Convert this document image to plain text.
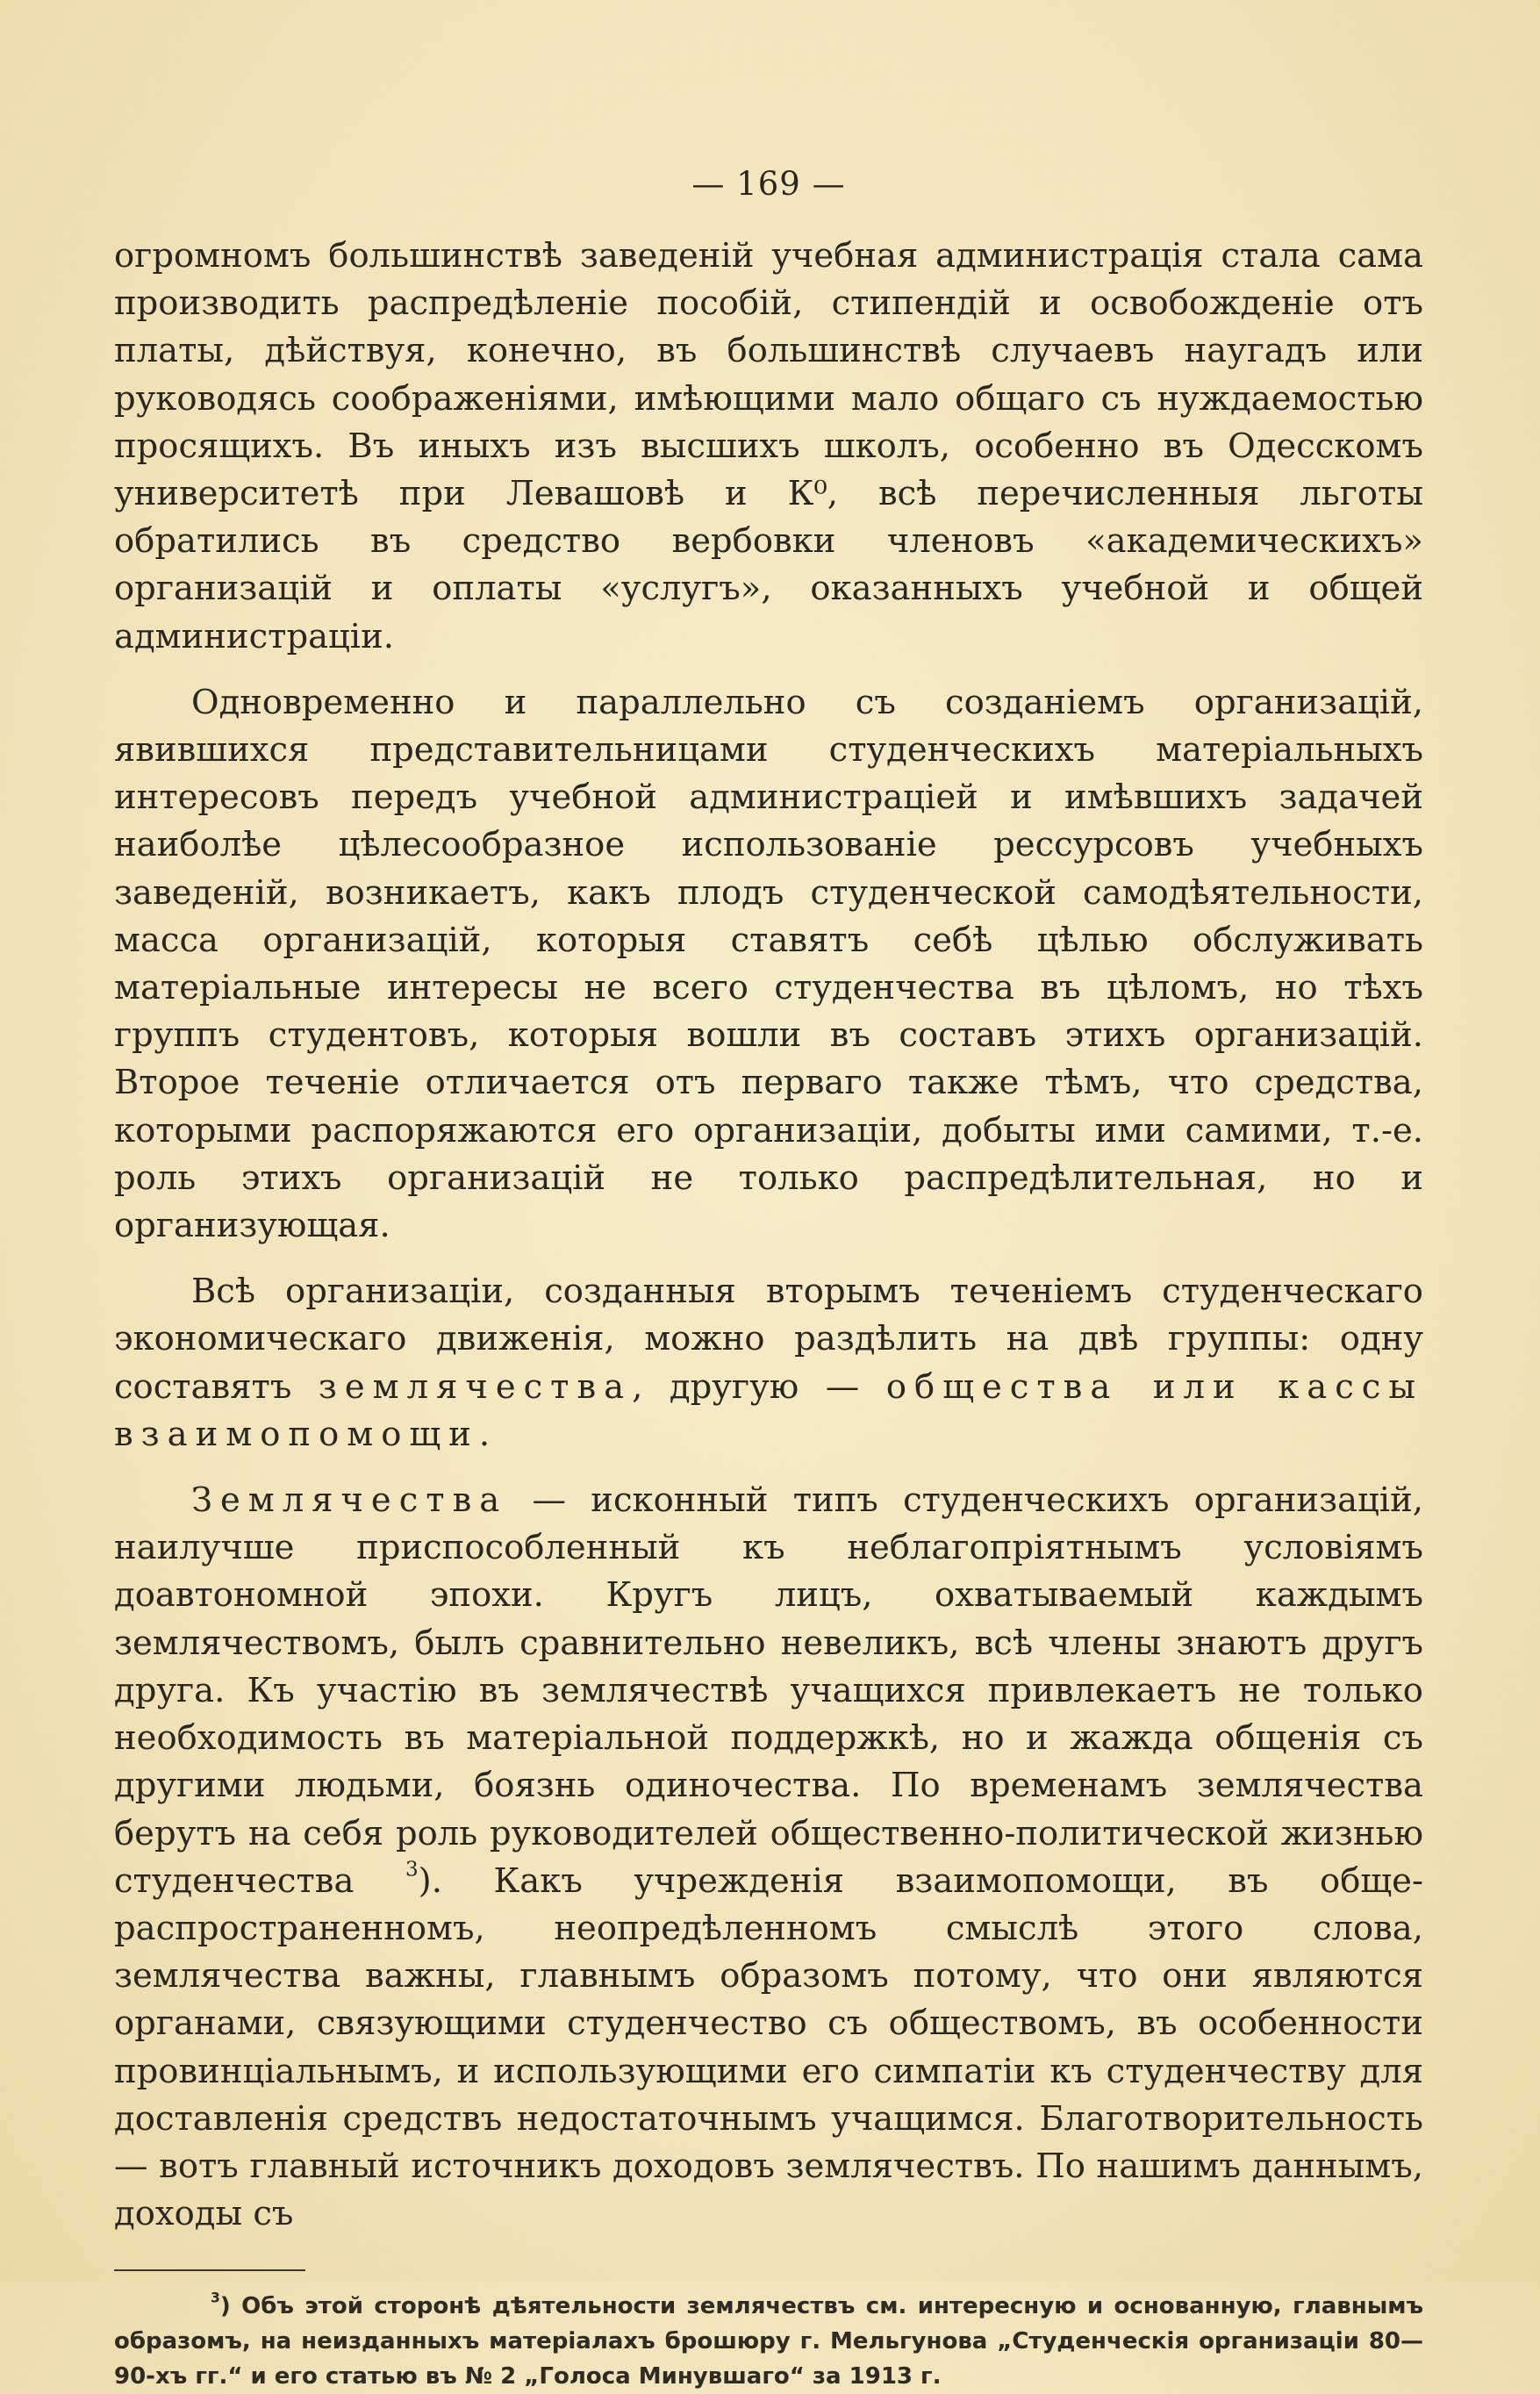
— 169 —

огромномъ большинствѣ заведеній учебная администрація стала сама производить распредѣленіе пособій, стипендій и освобожденіе отъ платы, дѣйствуя, конечно, въ большинствѣ случаевъ наугадъ или руководясь соображеніями, имѣющими мало общаго съ нуждаемостью просящихъ. Въ иныхъ изъ высшихъ школъ, особенно въ Одесскомъ университетѣ при Левашовѣ и К⁰, всѣ перечисленныя льготы обратились въ средство вербовки членовъ «академическихъ» организацій и оплаты «услугъ», оказанныхъ учебной и общей администраціи.

Одновременно и параллельно съ созданіемъ организацій, явившихся представительницами студенческихъ матеріальныхъ интересовъ передъ учебной администраціей и имѣвшихъ задачей наиболѣе цѣлесообразное использованіе рессурсовъ учебныхъ заведеній, возникаетъ, какъ плодъ студенческой самодѣятельности, масса организацій, которыя ставятъ себѣ цѣлью обслуживать матеріальные интересы не всего студенчества въ цѣломъ, но тѣхъ группъ студентовъ, которыя вошли въ составъ этихъ организацій. Второе теченіе отличается отъ перваго также тѣмъ, что средства, которыми распоряжаются его организаціи, добыты ими самими, т.-е. роль этихъ организацій не только распредѣлительная, но и организующая.

Всѣ организаціи, созданныя вторымъ теченіемъ студенческаго экономическаго движенія, можно раздѣлить на двѣ группы: одну составятъ землячества, другую — общества или кассы взаимопомощи.

Землячества — исконный типъ студенческихъ организацій, наилучше приспособленный къ неблагопріятнымъ условіямъ доавтономной эпохи. Кругъ лицъ, охватываемый каждымъ землячествомъ, былъ сравнительно невеликъ, всѣ члены знаютъ другъ друга. Къ участію въ землячествѣ учащихся привлекаетъ не только необходимость въ матеріальной поддержкѣ, но и жажда общенія съ другими людьми, боязнь одиночества. По временамъ землячества берутъ на себя роль руководителей общественно-политической жизнью студенчества $^3$). Какъ учрежденія взаимопомощи, въ обще-распространенномъ, неопредѣленномъ смыслѣ этого слова, землячества важны, главнымъ образомъ потому, что они являются органами, связующими студенчество съ обществомъ, въ особенности провинціальнымъ, и использующими его симпатіи къ студенчеству для доставленія средствъ недостаточнымъ учащимся. Благотворительность — вотъ главный источникъ доходовъ землячествъ. По нашимъ даннымъ, доходы съ

$^3$) Объ этой сторонѣ дѣятельности землячествъ см. интересную и основанную, главнымъ образомъ, на неизданныхъ матеріалахъ брошюру г. Мельгунова „Студенческія организаціи 80—90-хъ гг.“ и его статью въ № 2 „Голоса Минувшаго“ за 1913 г.
